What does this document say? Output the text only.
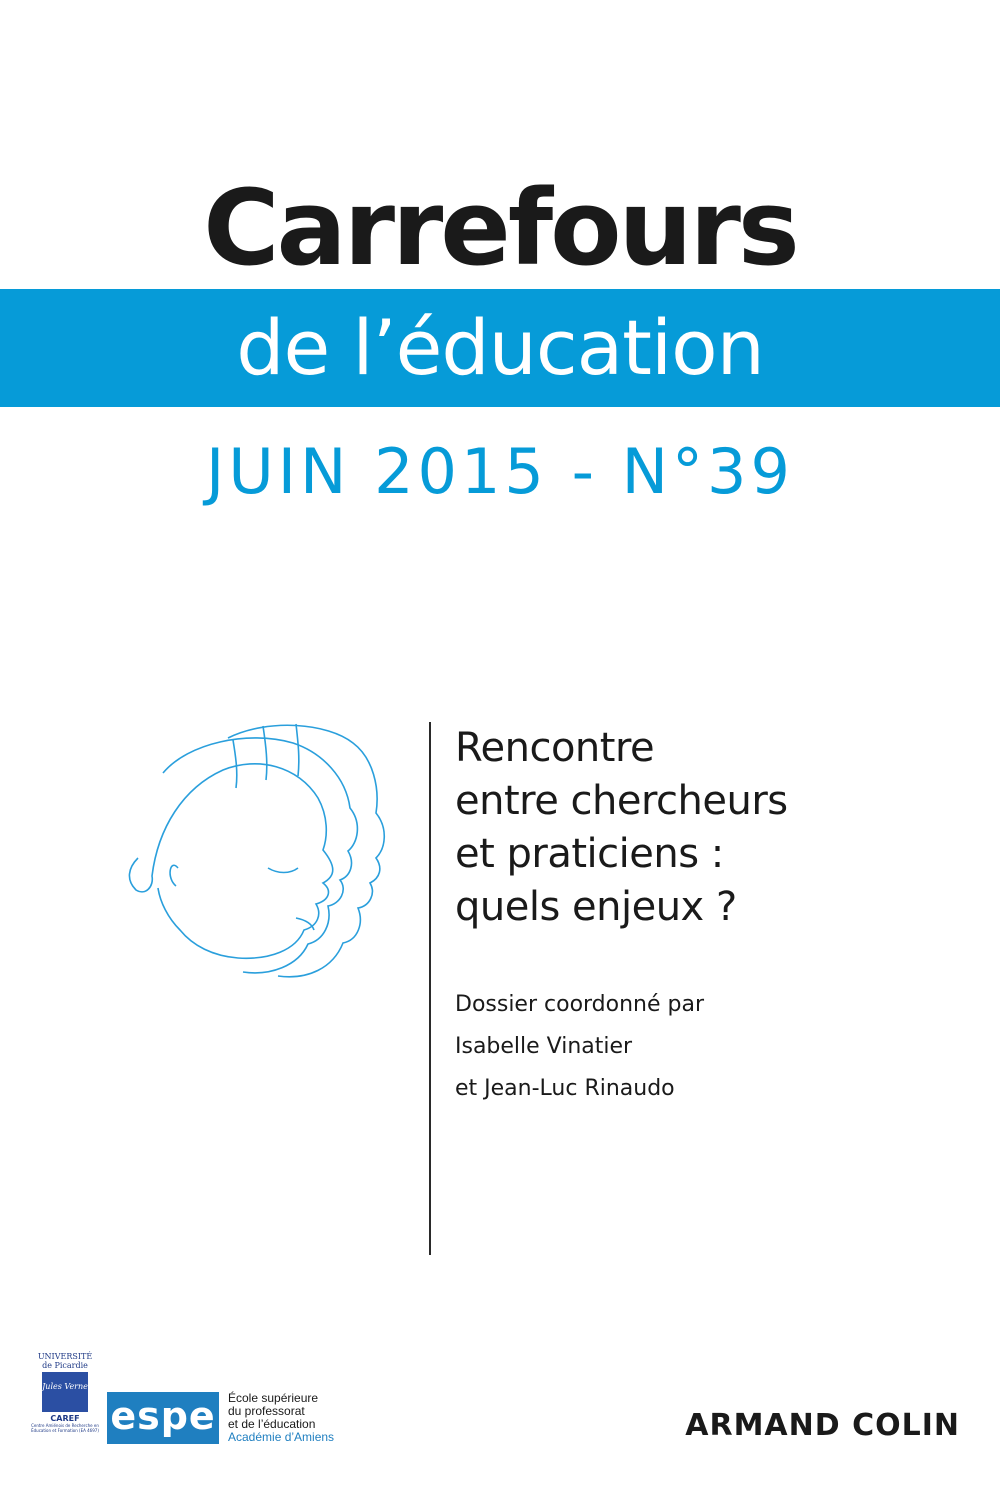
Carrefours
de l’éducation
JUIN 2015 - N°39
Rencontre
entre chercheurs
et praticiens :
quels enjeux ?
Dossier coordonné par
Isabelle Vinatier
et Jean-Luc Rinaudo
UNIVERSITÉ
de Picardie
Jules Verne
CAREF
Centre Amiénois de Recherche en Éducation et Formation (EA 4697) espe École supérieure
du professorat
et de l’éducation
Académie d’Amiens	ARMAND COLIN
